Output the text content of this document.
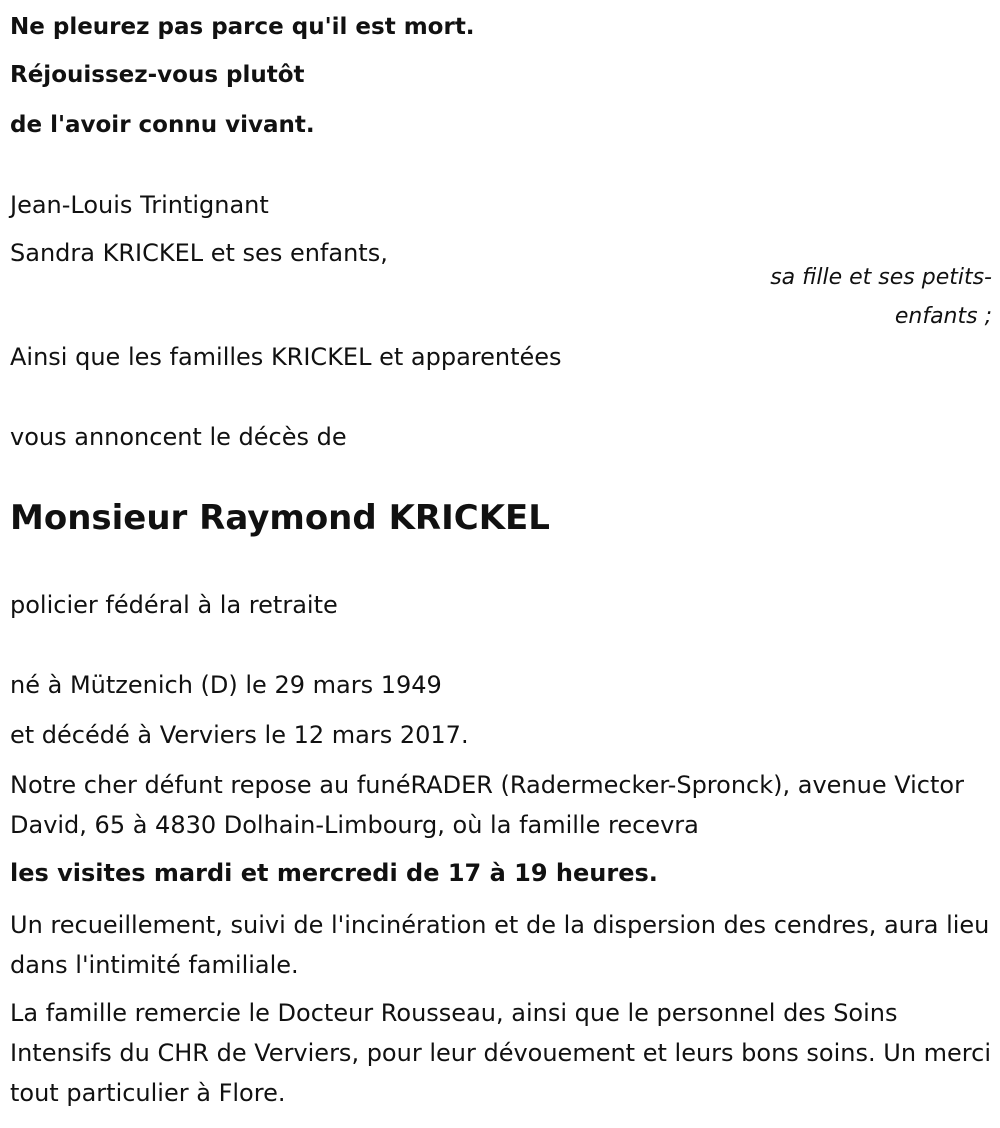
Ne pleurez pas parce qu'il est mort.
Réjouissez-vous plutôt
de l'avoir connu vivant.
Jean-Louis Trintignant
Sandra KRICKEL et ses enfants,
sa fille et ses petits-
enfants ;
Ainsi que les familles KRICKEL et apparentées
vous annoncent le décès de
Monsieur Raymond KRICKEL
policier fédéral à la retraite
né à Mützenich (D) le 29 mars 1949
et décédé à Verviers le 12 mars 2017.
Notre cher défunt repose au funéRADER (Radermecker-Spronck), avenue Victor David, 65 à 4830 Dolhain-Limbourg, où la famille recevra
les visites mardi et mercredi de 17 à 19 heures.
Un recueillement, suivi de l'incinération et de la dispersion des cendres, aura lieu dans l'intimité familiale.
La famille remercie le Docteur Rousseau, ainsi que le personnel des Soins Intensifs du CHR de Verviers, pour leur dévouement et leurs bons soins. Un merci tout particulier à Flore.
